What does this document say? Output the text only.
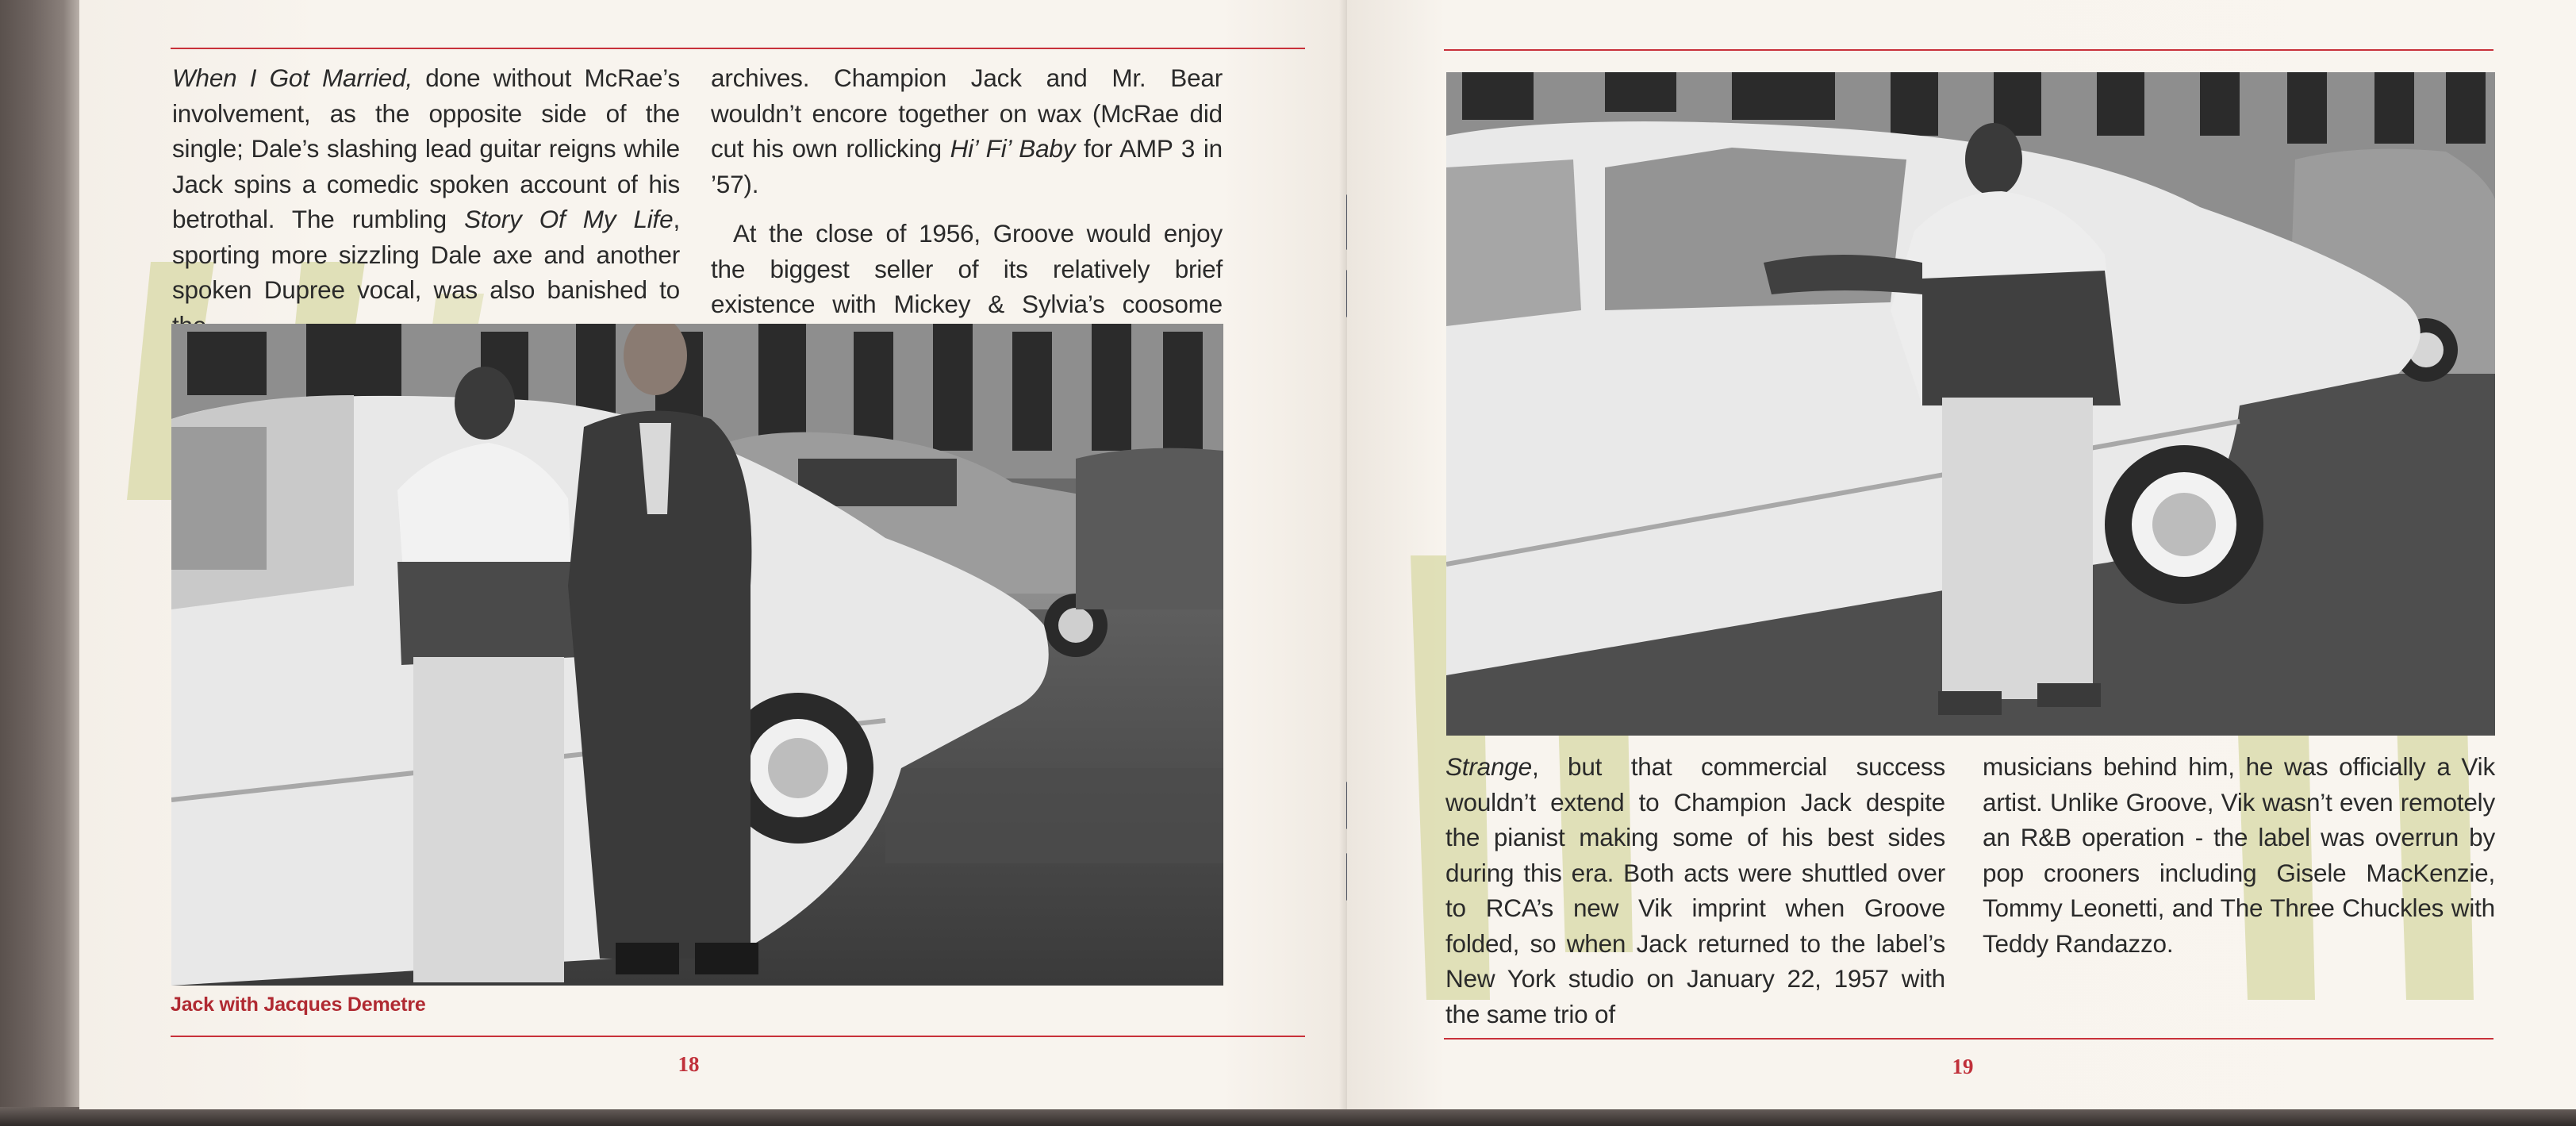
When I Got Married, done without McRae’s involvement, as the opposite side of the single; Dale’s slashing lead guitar reigns while Jack spins a comedic spoken account of his betrothal. The rumbling Story Of My Life, sporting more sizzling Dale axe and another spoken Dupree vocal, was also banished to

archives. Champion Jack and Mr. Bear wouldn’t encore together on wax (McRae did cut his own rollicking Hi’ Fi’ Baby for AMP 3 in ’57).

At the close of 1956, Groove would enjoy the biggest seller of its relatively brief existence with Mickey & Sylvia’s coosome

Jack with Jacques Demetre
18

Strange, but that commercial success wouldn’t extend to Champion Jack despite the pianist making some of his best sides during this era. Both acts were shuttled over to RCA’s new Vik imprint when Groove folded, so when Jack returned to the label’s New York studio on January 22, 1957 with the same trio of

musicians behind him, he was officially a Vik artist. Unlike Groove, Vik wasn’t even remotely an R&B operation - the label was overrun by pop crooners including Gisele MacKenzie, Tommy Leonetti, and The Three Chuckles with Teddy Randazzo.

19
